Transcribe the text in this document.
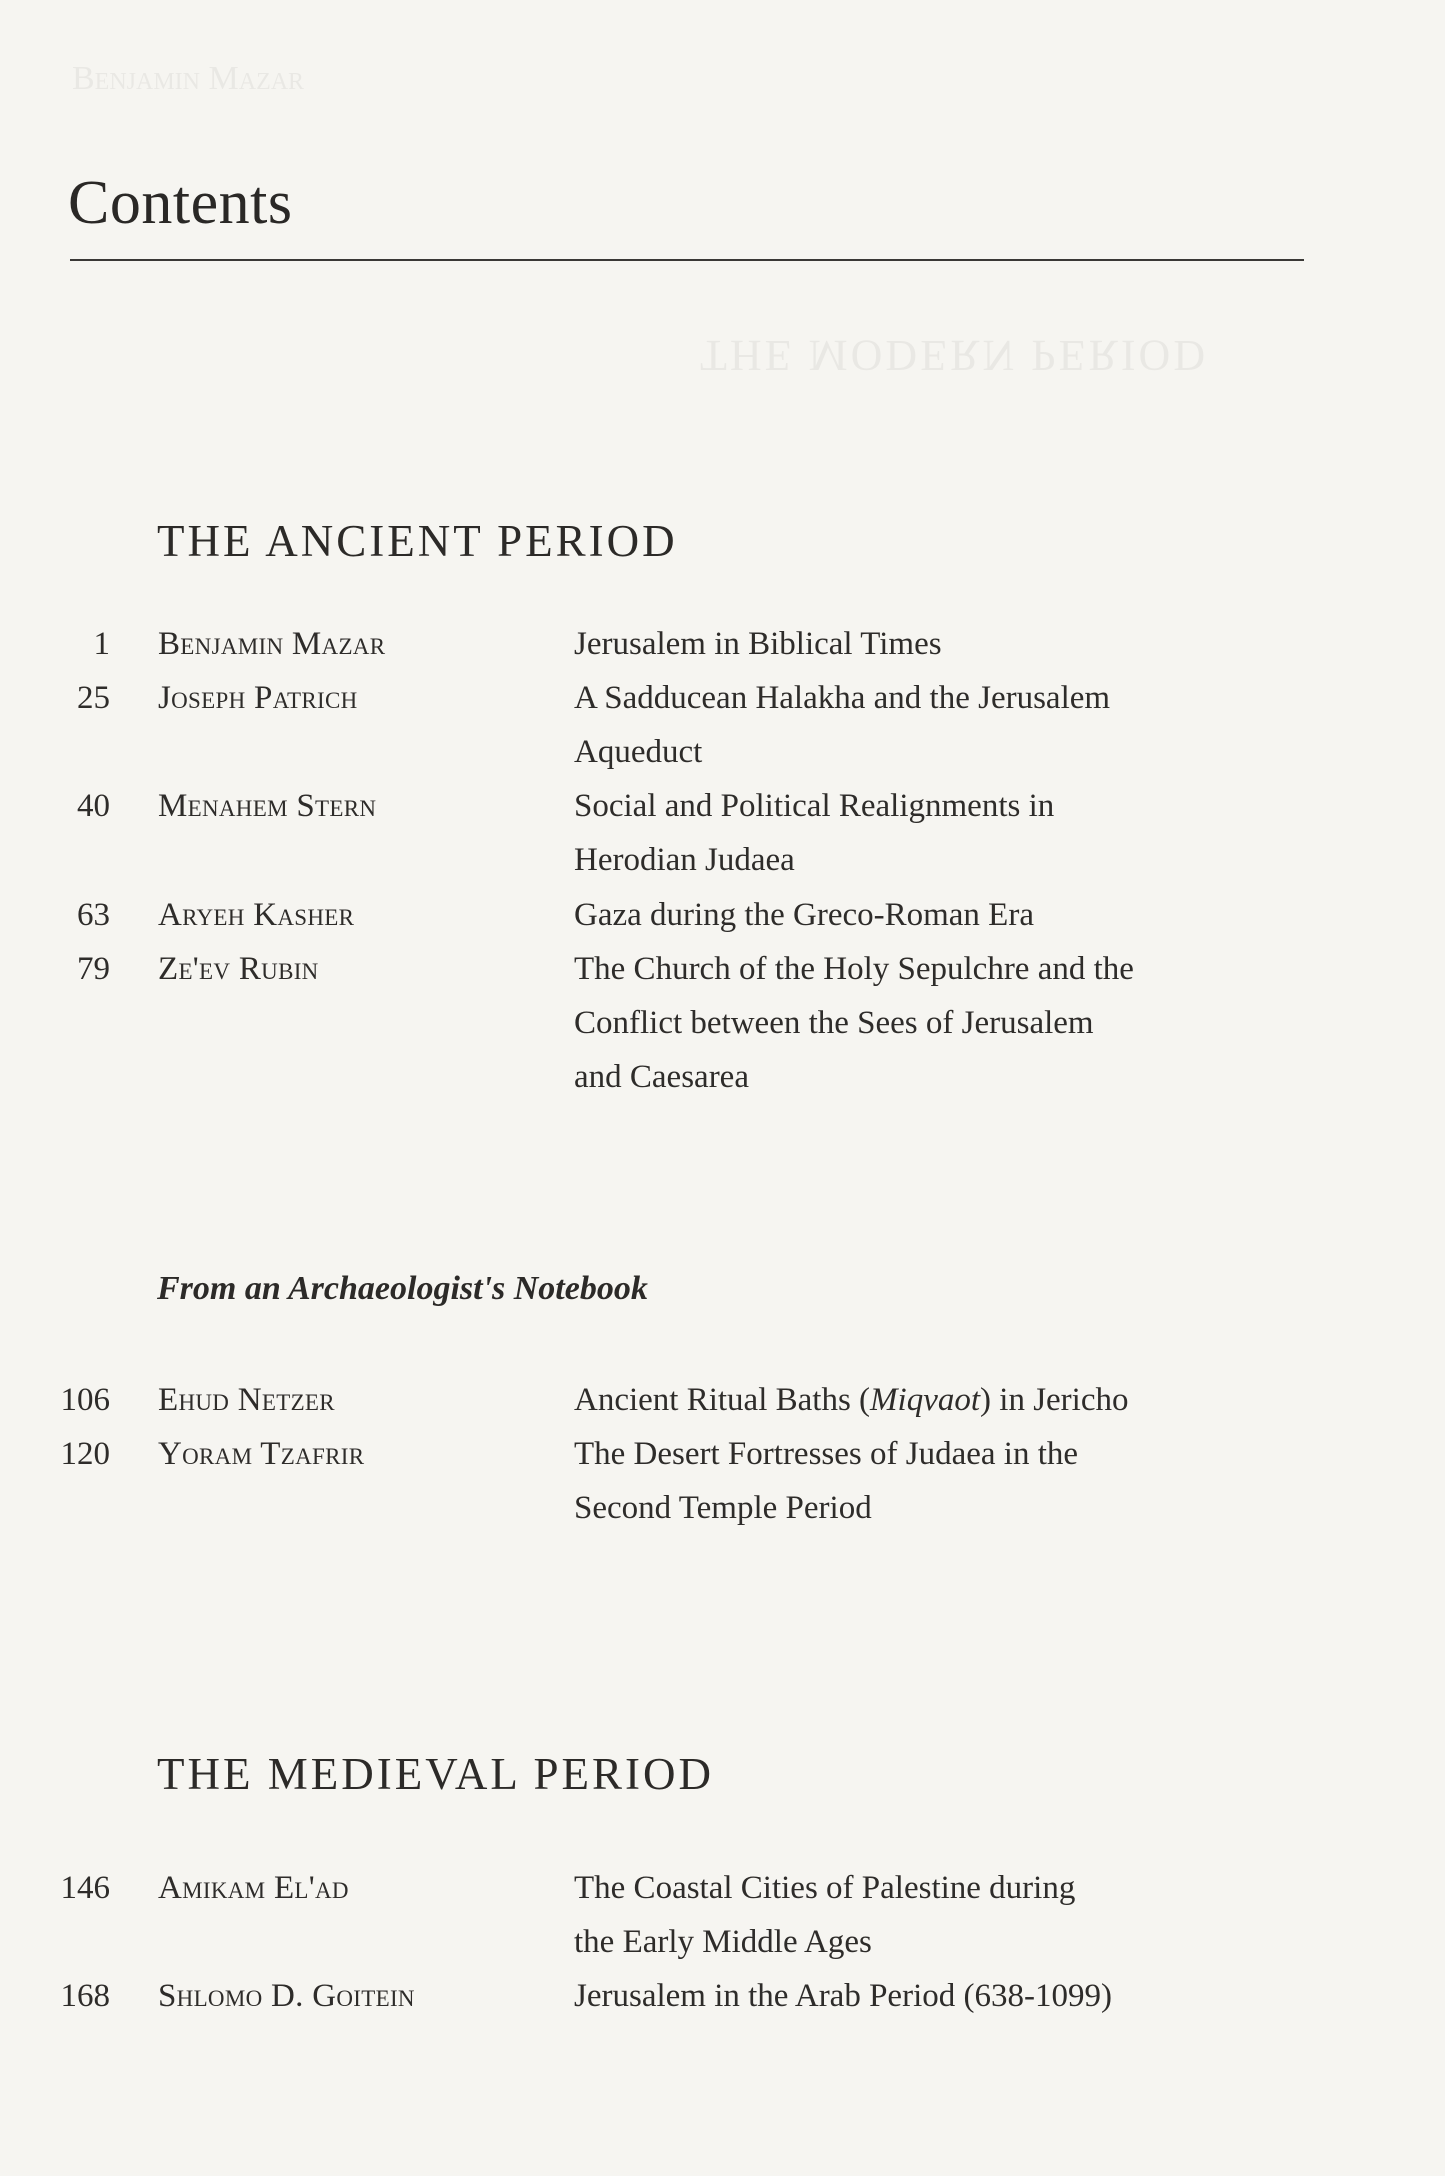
Benjamin Mazar
THE MODERN PERIOD
Contents
THE ANCIENT PERIOD
1 Benjamin Mazar	Jerusalem in Biblical Times
25 Joseph Patrich	A Sadducean Halakha and the Jerusalem
Aqueduct
40 Menahem Stern	Social and Political Realignments in
Herodian Judaea
63 Aryeh Kasher	Gaza during the Greco-Roman Era
79 Ze'ev Rubin	The Church of the Holy Sepulchre and the
Conflict between the Sees of Jerusalem
and Caesarea
From an Archaeologist's Notebook
106 Ehud Netzer	Ancient Ritual Baths (Miqvaot) in Jericho
120 Yoram Tzafrir	The Desert Fortresses of Judaea in the
Second Temple Period
THE MEDIEVAL PERIOD
146 Amikam El'ad	The Coastal Cities of Palestine during
the Early Middle Ages
168 Shlomo D. Goitein	Jerusalem in the Arab Period (638-1099)
